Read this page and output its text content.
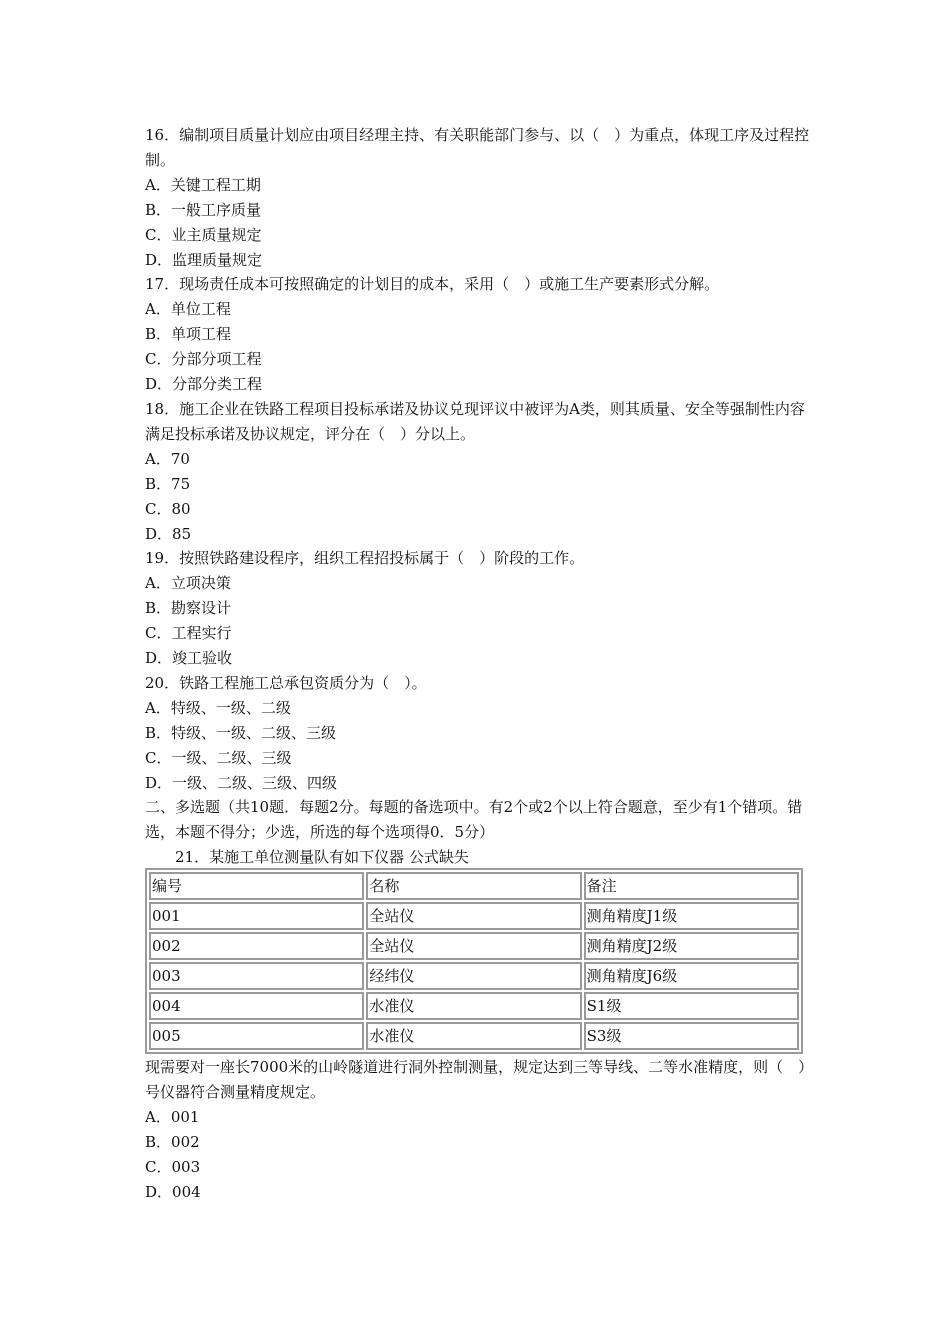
16．编制项目质量计划应由项目经理主持、有关职能部门参与、以（　）为重点，体现工序及过程控制。
A．关键工程工期
B．一般工序质量
C．业主质量规定
D．监理质量规定
17．现场责任成本可按照确定的计划目的成本，采用（　）或施工生产要素形式分解。
A．单位工程
B．单项工程
C．分部分项工程
D．分部分类工程
18．施工企业在铁路工程项目投标承诺及协议兑现评议中被评为A类，则其质量、安全等强制性内容满足投标承诺及协议规定，评分在（　）分以上。
A．70
B．75
C．80
D．85
19．按照铁路建设程序，组织工程招投标属于（　）阶段的工作。
A．立项决策
B．勘察设计
C．工程实行
D．竣工验收
20．铁路工程施工总承包资质分为（　）。
A．特级、一级、二级
B．特级、一级、二级、三级
C．一级、二级、三级
D．一级、二级、三级、四级
二、多选题（共10题．每题2分。每题的备选项中。有2个或2个以上符合题意，至少有1个错项。错选，本题不得分；少选，所选的每个选项得0．5分）
21．某施工单位测量队有如下仪器 公式缺失
编号	名称	备注
001	全站仪	测角精度J1级
002	全站仪	测角精度J2级
003	经纬仪	测角精度J6级
004	水准仪	S1级
005	水准仪	S3级
现需要对一座长7000米的山岭隧道进行洞外控制测量，规定达到三等导线、二等水准精度，则（　）号仪器符合测量精度规定。
A．001
B．002
C．003
D．004
